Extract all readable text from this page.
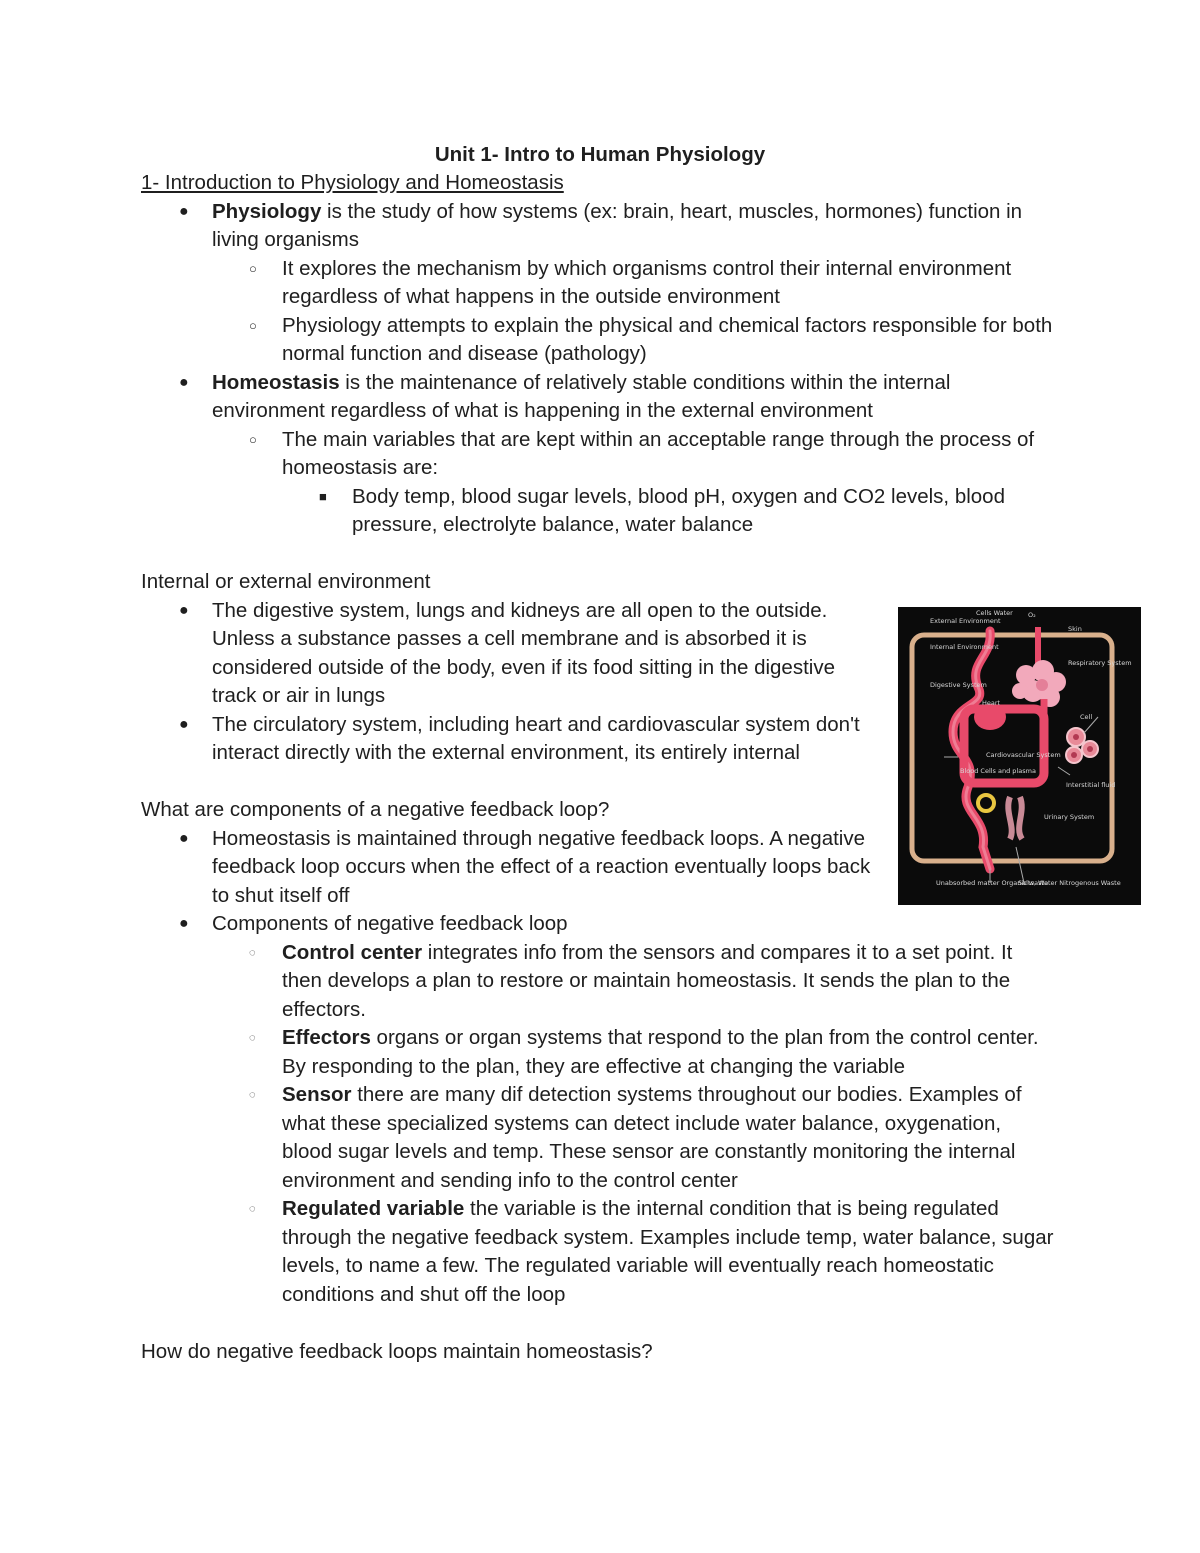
Unit 1- Intro to Human Physiology
1- Introduction to Physiology and Homeostasis
● Physiology is the study of how systems (ex: brain, heart, muscles, hormones) function in living organisms
○ It explores the mechanism by which organisms control their internal environment regardless of what happens in the outside environment
○ Physiology attempts to explain the physical and chemical factors responsible for both normal function and disease (pathology)
● Homeostasis is the maintenance of relatively stable conditions within the internal environment regardless of what is happening in the external environment
○ The main variables that are kept within an acceptable range through the process of homeostasis are:
■ Body temp, blood sugar levels, blood pH, oxygen and CO2 levels, blood pressure, electrolyte balance, water balance
Internal or external environment
● The digestive system, lungs and kidneys are all open to the outside. Unless a substance passes a cell membrane and is absorbed it is considered outside of the body, even if its food sitting in the digestive track or air in lungs
● The circulatory system, including heart and cardiovascular system don't interact directly with the external environment, its entirely internal
What are components of a negative feedback loop?
● Homeostasis is maintained through negative feedback loops. A negative feedback loop occurs when the effect of a reaction eventually loops back to shut itself off
● Components of negative feedback loop
◌ Control center integrates info from the sensors and compares it to a set point. It then develops a plan to restore or maintain homeostasis. It sends the plan to the effectors.
◌ Effectors organs or organ systems that respond to the plan from the control center. By responding to the plan, they are effective at changing the variable
◌ Sensor there are many dif detection systems throughout our bodies. Examples of what these specialized systems can detect include water balance, oxygenation, blood sugar levels and temp. These sensor are constantly monitoring the internal environment and sending info to the control center
◌ Regulated variable the variable is the internal condition that is being regulated through the negative feedback system. Examples include temp, water balance, sugar levels, to name a few. The regulated variable will eventually reach homeostatic conditions and shut off the loop
How do negative feedback loops maintain homeostasis?
External Environment
Cells Water O₂
Skin
Internal Environment
Respiratory System
Digestive System
Heart
Cell
Cardiovascular System
Blood Cells and plasma
Interstitial fluid
Urinary System
Unabsorbed matter Organic waste
Salts, Water Nitrogenous Waste
